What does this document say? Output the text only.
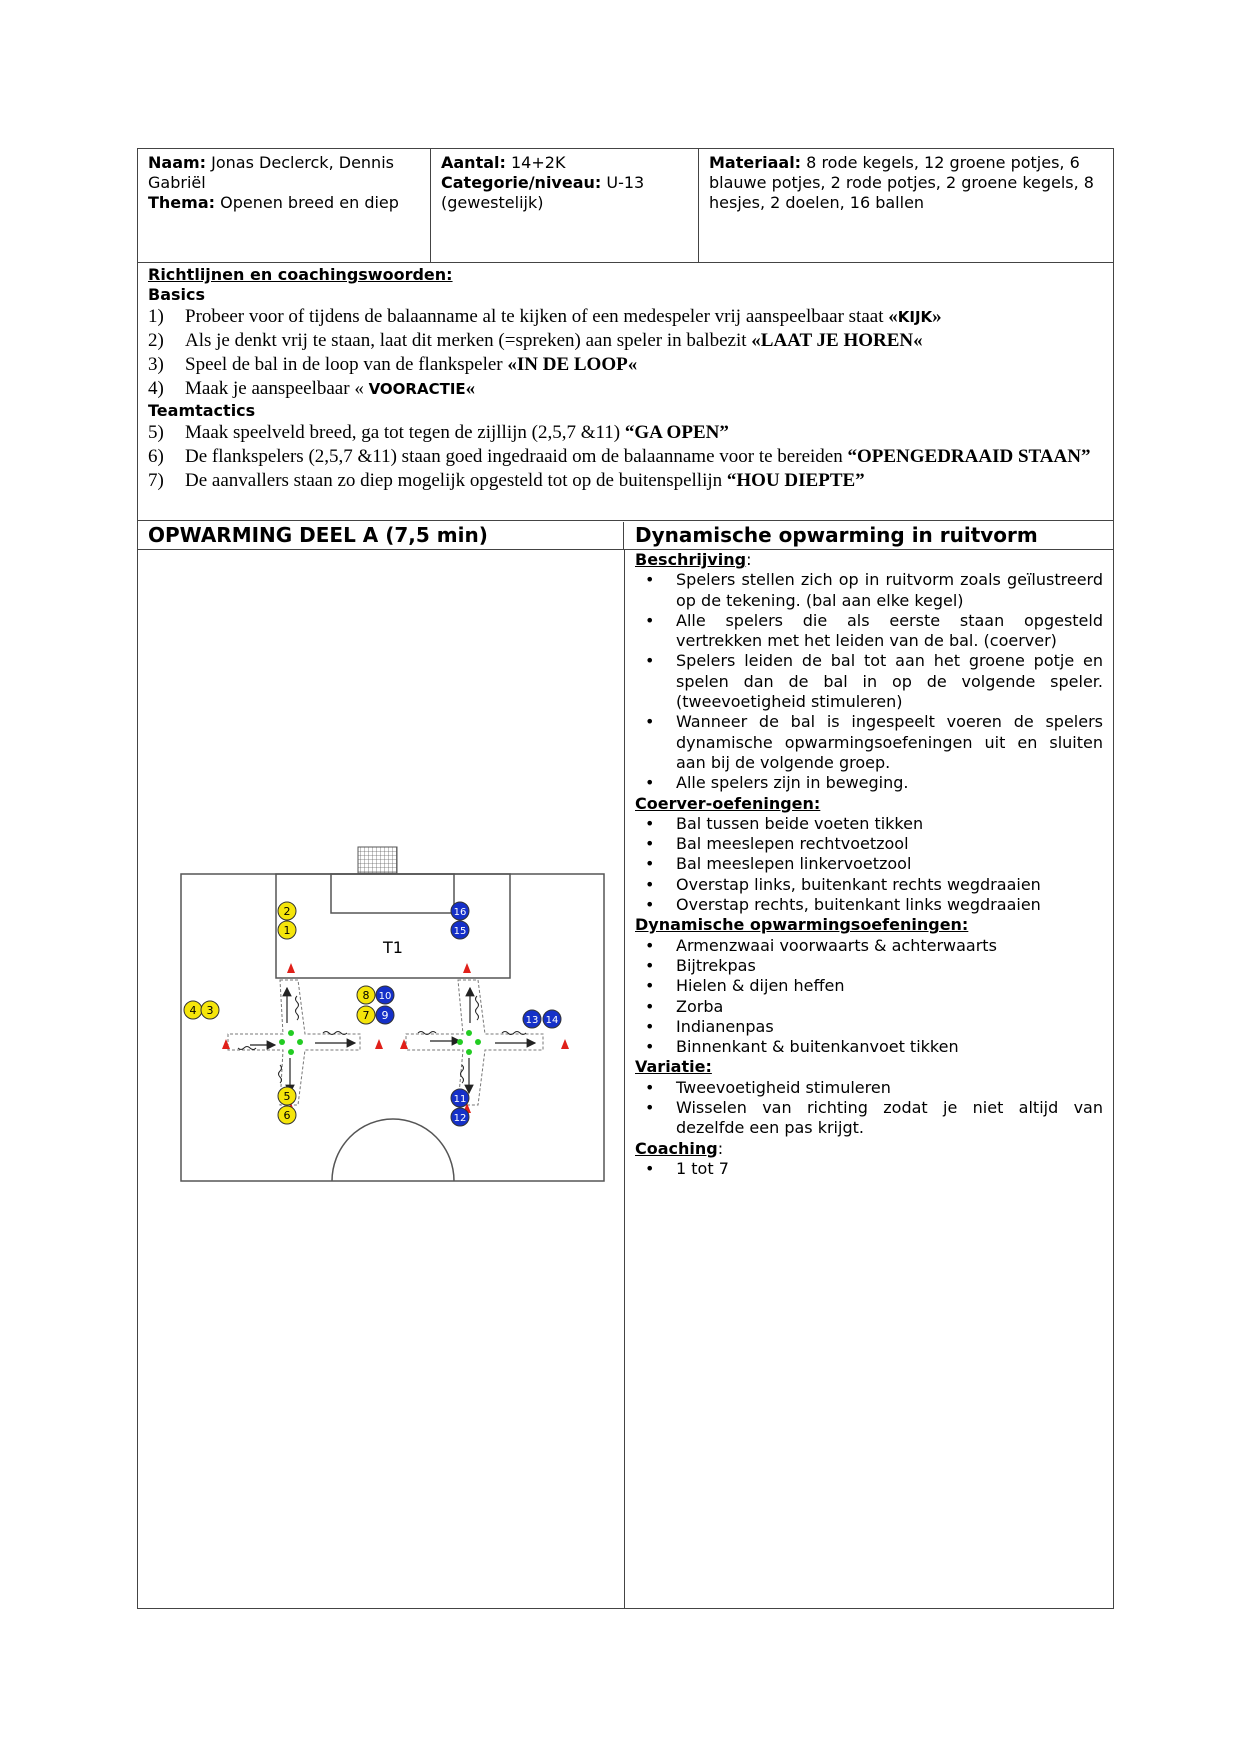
Naam: Jonas Declerck, Dennis Gabriël
Thema: Openen breed en diep
Aantal: 14+2K
Categorie/niveau: U-13 (gewestelijk)
Materiaal: 8 rode kegels, 12 groene potjes, 6 blauwe potjes, 2 rode potjes, 2 groene kegels, 8 hesjes, 2 doelen, 16 ballen
Richtlijnen en coachingswoorden:
Basics
1) Probeer voor of tijdens de balaanname al te kijken of een medespeler vrij aanspeelbaar staat «KIJK»
2) Als je denkt vrij te staan, laat dit merken (=spreken) aan speler in balbezit «LAAT JE HOREN«
3) Speel de bal in de loop van de flankspeler «IN DE LOOP«
4) Maak je aanspeelbaar « VOORACTIE«
Teamtactics
5) Maak speelveld breed, ga tot tegen de zijllijn (2,5,7 &11) “GA OPEN”
6) De flankspelers (2,5,7 &11) staan goed ingedraaid om de balaanname voor te bereiden “OPENGEDRAAID STAAN”
7) De aanvallers staan zo diep mogelijk opgesteld tot op de buitenspellijn “HOU DIEPTE”
OPWARMING DEEL A (7,5 min)	Dynamische opwarming in ruitvorm
T1
2
1
4 3
8
7
5
6
16
15
10
9	13 14
11
12
Beschrijving:
• Spelers stellen zich op in ruitvorm zoals geïlustreerd op de tekening. (bal aan elke kegel)
• Alle spelers die als eerste staan opgesteld vertrekken met het leiden van de bal. (coerver)
• Spelers leiden de bal tot aan het groene potje en spelen dan de bal in op de volgende speler. (tweevoetigheid stimuleren)
• Wanneer de bal is ingespeelt voeren de spelers dynamische opwarmingsoefeningen uit en sluiten aan bij de volgende groep.
• Alle spelers zijn in beweging.
Coerver-oefeningen:
• Bal tussen beide voeten tikken
• Bal meeslepen rechtvoetzool
• Bal meeslepen linkervoetzool
• Overstap links, buitenkant rechts wegdraaien
• Overstap rechts, buitenkant links wegdraaien
Dynamische opwarmingsoefeningen:
• Armenzwaai voorwaarts & achterwaarts
• Bijtrekpas
• Hielen & dijen heffen
• Zorba
• Indianenpas
• Binnenkant & buitenkanvoet tikken
Variatie:
• Tweevoetigheid stimuleren
• Wisselen van richting zodat je niet altijd van dezelfde een pas krijgt.
Coaching:
• 1 tot 7
